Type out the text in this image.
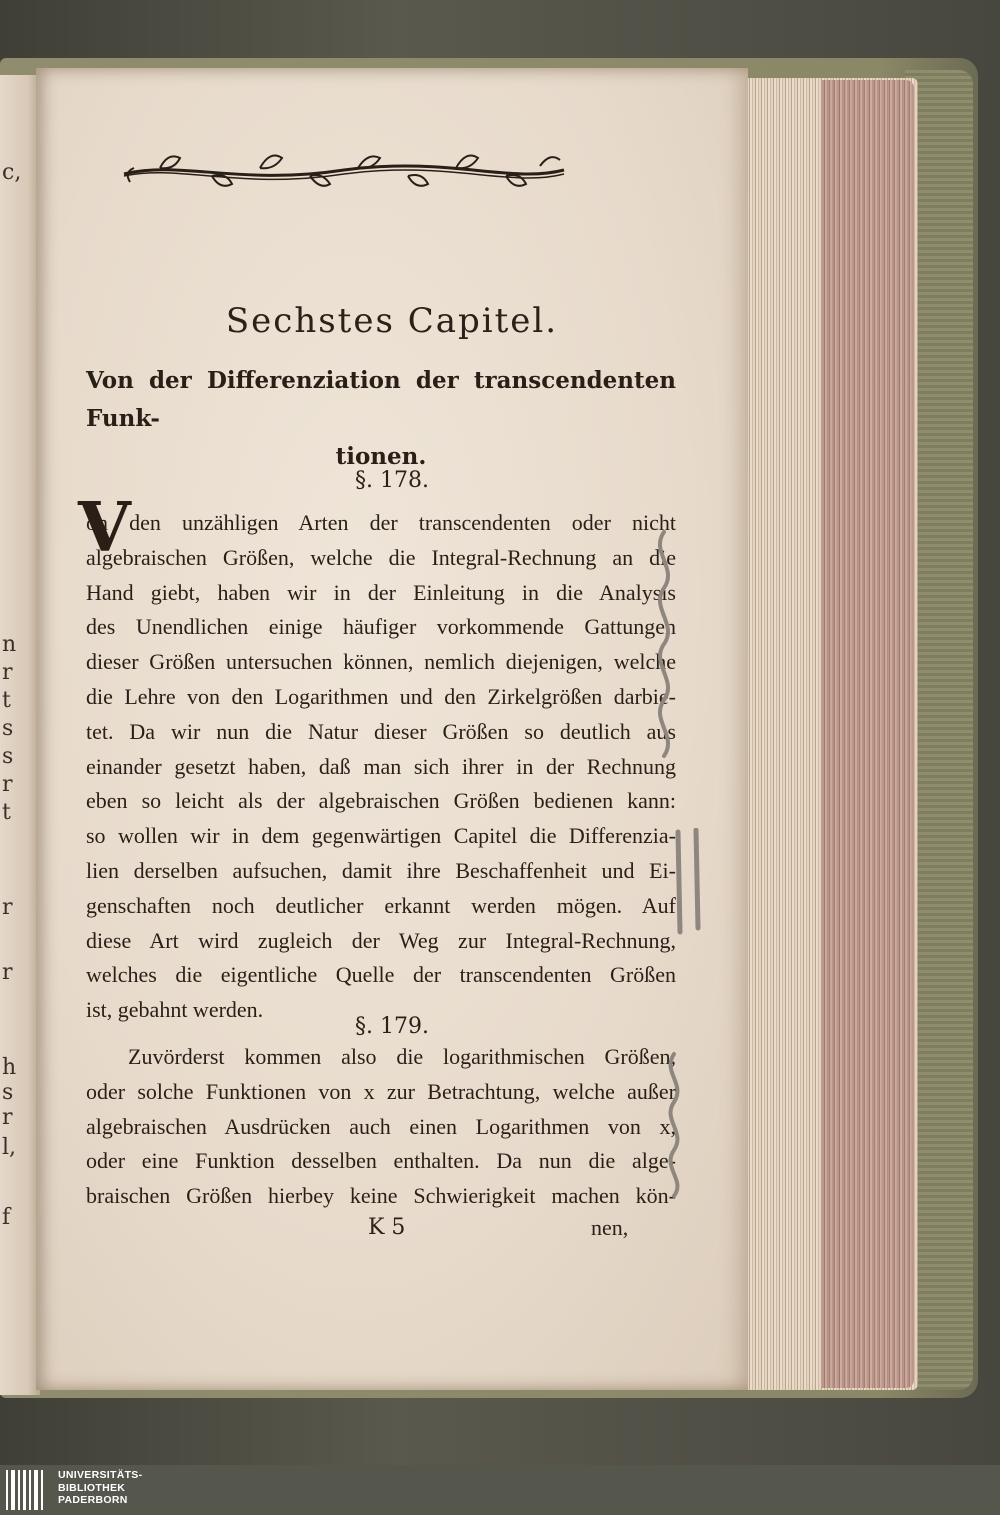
c,
n
r
t
s
s
r
t
r
r
h
s
r
l,
f
Sechstes Capitel.
Von der Differenziation der transcendenten Funk-
tionen.
§. 178.
V
on den unzähligen Arten der transcendenten oder nicht
algebraischen Größen, welche die Integral-Rechnung an die
Hand giebt, haben wir in der Einleitung in die Analysis
des Unendlichen einige häufiger vorkommende Gattungen
dieser Größen untersuchen können, nemlich diejenigen, welche
die Lehre von den Logarithmen und den Zirkelgrößen darbie-
tet. Da wir nun die Natur dieser Größen so deutlich aus
einander gesetzt haben, daß man sich ihrer in der Rechnung
eben so leicht als der algebraischen Größen bedienen kann:
so wollen wir in dem gegenwärtigen Capitel die Differenzia-
lien derselben aufsuchen, damit ihre Beschaffenheit und Ei-
genschaften noch deutlicher erkannt werden mögen. Auf
diese Art wird zugleich der Weg zur Integral-Rechnung,
welches die eigentliche Quelle der transcendenten Größen
ist, gebahnt werden.
§. 179.
Zuvörderst kommen also die logarithmischen Größen,
oder solche Funktionen von x zur Betrachtung, welche außer
algebraischen Ausdrücken auch einen Logarithmen von x,
oder eine Funktion desselben enthalten. Da nun die alge-
braischen Größen hierbey keine Schwierigkeit machen kön-
K 5	nen,
UNIVERSITÄTS-
BIBLIOTHEK
PADERBORN
